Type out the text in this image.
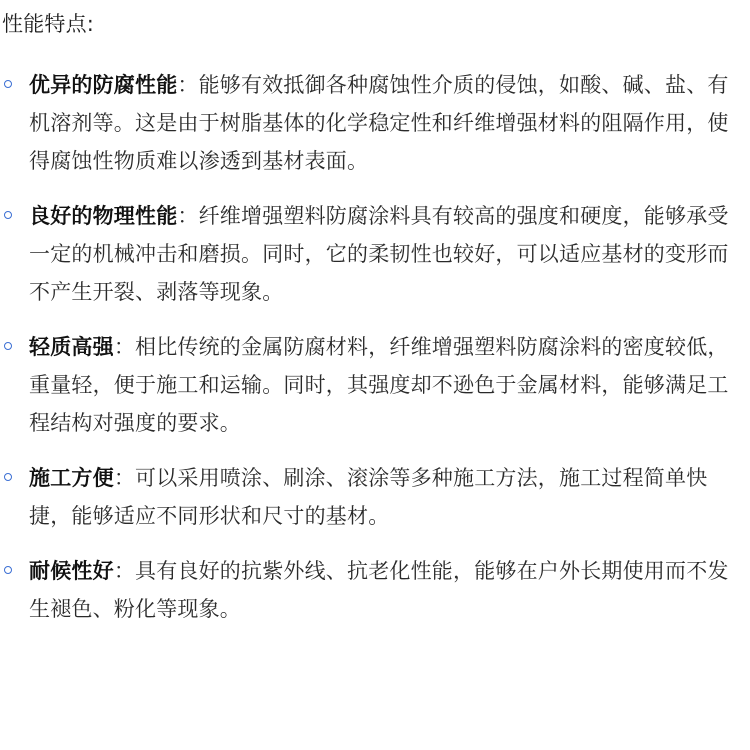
性能特点:
优异的防腐性能：能够有效抵御各种腐蚀性介质的侵蚀，如酸、碱、盐、有机溶剂等。这是由于树脂基体的化学稳定性和纤维增强材料的阻隔作用，使得腐蚀性物质难以渗透到基材表面。
良好的物理性能：纤维增强塑料防腐涂料具有较高的强度和硬度，能够承受一定的机械冲击和磨损。同时，它的柔韧性也较好，可以适应基材的变形而不产生开裂、剥落等现象。
轻质高强：相比传统的金属防腐材料，纤维增强塑料防腐涂料的密度较低，重量轻，便于施工和运输。同时，其强度却不逊色于金属材料，能够满足工程结构对强度的要求。
施工方便：可以采用喷涂、刷涂、滚涂等多种施工方法，施工过程简单快捷，能够适应不同形状和尺寸的基材。
耐候性好：具有良好的抗紫外线、抗老化性能，能够在户外长期使用而不发生褪色、粉化等现象。
